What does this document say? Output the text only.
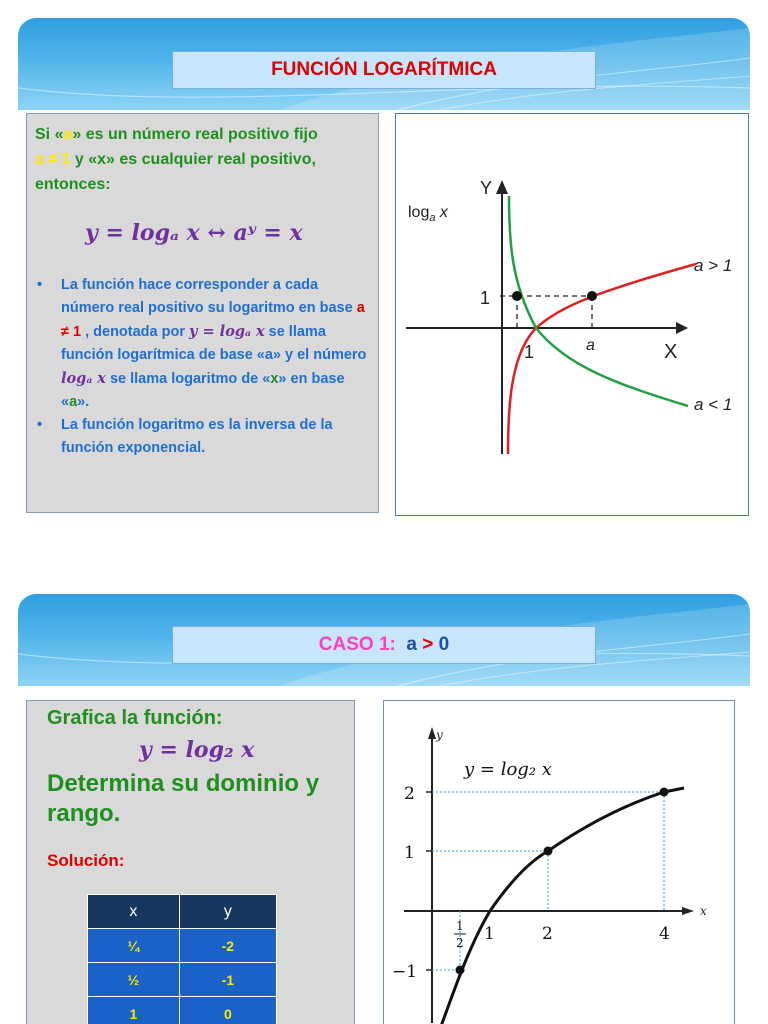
FUNCIÓN LOGARÍTMICA
Si «a» es un número real positivo fijo
a ≠ 1 y «x» es cualquier real positivo, entonces:
y = logₐ x ↔ aʸ = x
• La función hace corresponder a cada número real positivo su logaritmo en base a ≠ 1 , denotada por y = logₐ x se llama función logarítmica de base «a» y el número logₐ x se llama logaritmo de «x» en base «a».
• La función logaritmo es la inversa de la función exponencial.
$\log_a x$
Y
X
1
1	a
a > 1
a < 1
CASO 1:
a
>
0
Grafica la función:
y = log₂ x
Determina su dominio y rango.
Solución:
x	y
¼	-2
½	-1
1	0
y
x
y = log₂ x
2
1
−1
1	2	4
1
2
